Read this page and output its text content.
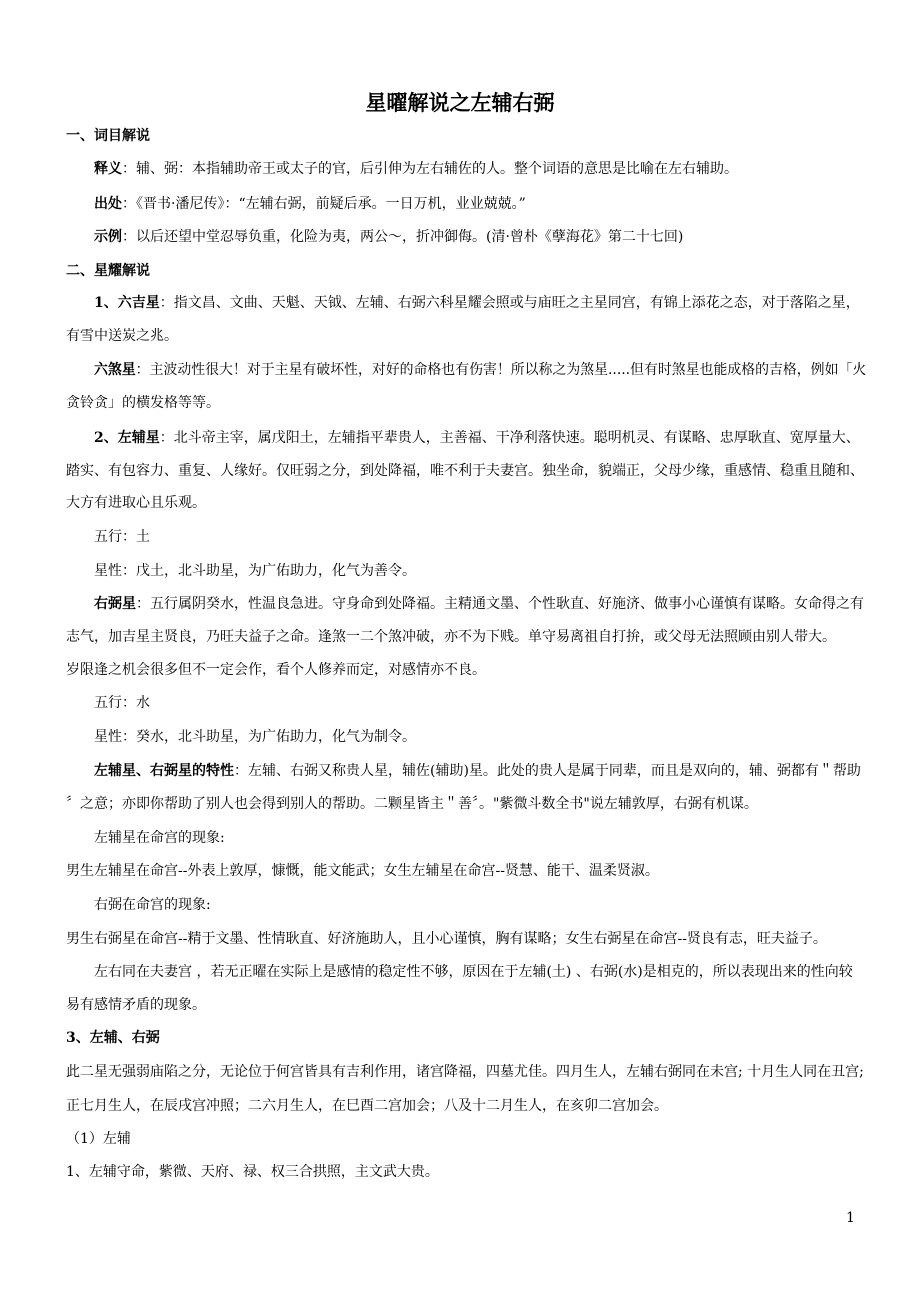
星曜解说之左辅右弼
一、词目解说
释义：辅、弼：本指辅助帝王或太子的官，后引伸为左右辅佐的人。整个词语的意思是比喻在左右辅助。
出处：《晋书·潘尼传》：“左辅右弼，前疑后承。一日万机，业业兢兢。”
示例：以后还望中堂忍辱负重，化险为夷，两公～，折冲御侮。(清·曾朴《孽海花》第二十七回)
二、星耀解说
1、六吉星：指文昌、文曲、天魁、天钺、左辅、右弼六科星耀会照或与庙旺之主星同宫，有锦上添花之态，对于落陷之星，
有雪中送炭之兆。
六煞星：主波动性很大！对于主星有破坏性，对好的命格也有伤害！所以称之为煞星.....但有时煞星也能成格的吉格，例如「火
贪铃贪」的横发格等等。
2、左辅星：北斗帝主宰，属戊阳土，左辅指平辈贵人，主善福、干净利落快速。聪明机灵、有谋略、忠厚耿直、宽厚量大、
踏实、有包容力、重复、人缘好。仅旺弱之分，到处降福，唯不利于夫妻宫。独坐命，貌端正，父母少缘，重感情、稳重且随和、
大方有进取心且乐观。
五行：土
星性：戊土，北斗助星，为广佑助力，化气为善令。
右弼星：五行属阴癸水，性温良急进。守身命到处降福。主精通文墨、个性耿直、好施济、做事小心谨慎有谋略。女命得之有
志气，加吉星主贤良，乃旺夫益子之命。逢煞一二个煞冲破，亦不为下贱。单守易离祖自打拚，或父母无法照顾由别人带大。
岁限逢之机会很多但不一定会作，看个人修养而定，对感情亦不良。
五行：水
星性：癸水，北斗助星，为广佑助力，化气为制令。
左辅星、右弼星的特性：左辅、右弼又称贵人星，辅佐(辅助)星。此处的贵人是属于同辈，而且是双向的，辅、弼都有＂帮助
〞之意；亦即你帮助了别人也会得到别人的帮助。二颗星皆主＂善〞。"紫微斗数全书"说左辅敦厚，右弼有机谋。
左辅星在命宫的现象:
男生左辅星在命宫--外表上敦厚，慷慨，能文能武；女生左辅星在命宫--贤慧、能干、温柔贤淑。
右弼在命宫的现象:
男生右弼星在命宫--精于文墨、性情耿直、好济施助人，且小心谨慎，胸有谋略；女生右弼星在命宫--贤良有志，旺夫益子。
左右同在夫妻宫 ，若无正曜在实际上是感情的稳定性不够，原因在于左辅(土) 、右弼(水)是相克的，所以表现出来的性向较
易有感情矛盾的现象。
3、左辅、右弼
此二星无强弱庙陷之分，无论位于何宫皆具有吉利作用，诸宫降福，四墓尤佳。四月生人，左辅右弼同在未宫; 十月生人同在丑宫;
正七月生人，在辰戌宫冲照；二六月生人，在巳酉二宫加会；八及十二月生人，在亥卯二宫加会。
（1）左辅
1、左辅守命，紫微、天府、禄、权三合拱照，主文武大贵。
1
